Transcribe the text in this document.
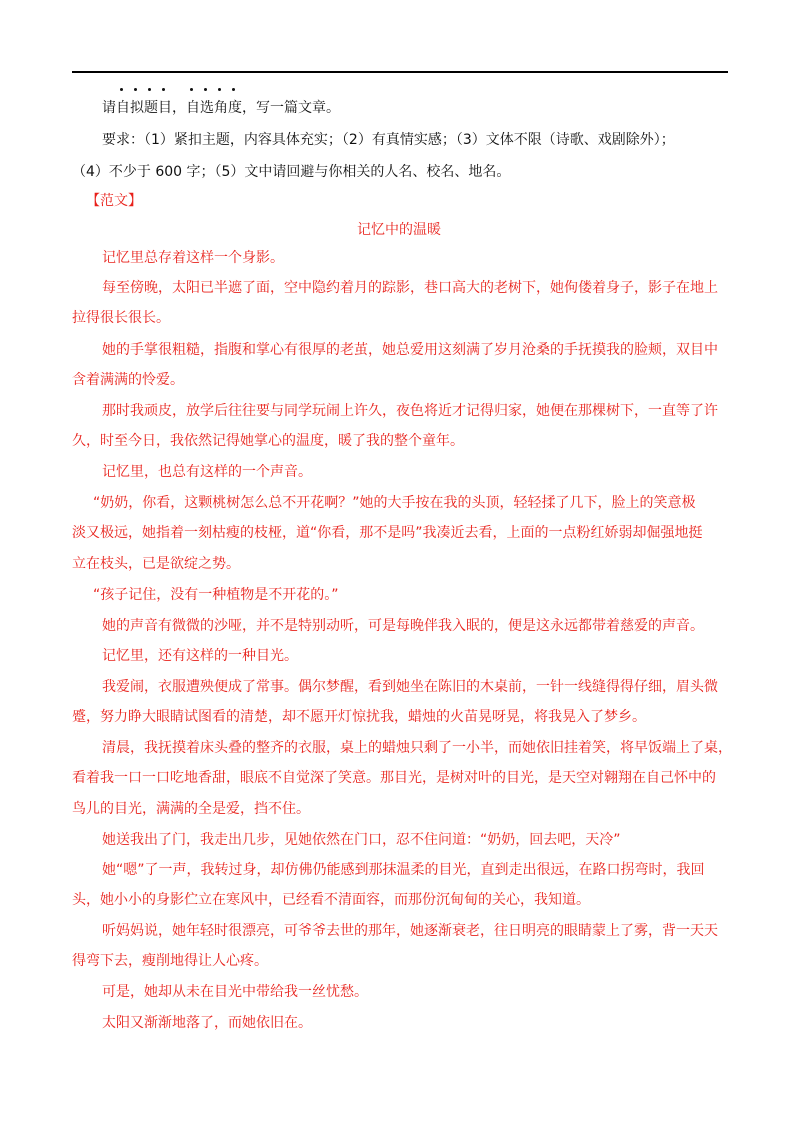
请自拟题目，自选角度，写一篇文章。
要求：（1）紧扣主题，内容具体充实；（2）有真情实感；（3）文体不限（诗歌、戏剧除外）；
（4）不少于 600 字；（5）文中请回避与你相关的人名、校名、地名。
【范文】
记忆中的温暖
记忆里总存着这样一个身影。
每至傍晚，太阳已半遮了面，空中隐约着月的踪影，巷口高大的老树下，她佝偻着身子，影子在地上
拉得很长很长。
她的手掌很粗糙，指腹和掌心有很厚的老茧，她总爱用这刻满了岁月沧桑的手抚摸我的脸颊，双目中
含着满满的怜爱。
那时我顽皮，放学后往往要与同学玩闹上许久，夜色将近才记得归家，她便在那棵树下，一直等了许
久，时至今日，我依然记得她掌心的温度，暖了我的整个童年。
记忆里，也总有这样的一个声音。
“奶奶，你看，这颗桃树怎么总不开花啊？”她的大手按在我的头顶，轻轻揉了几下，脸上的笑意极
淡又极远，她指着一刻枯瘦的枝桠，道“你看，那不是吗”我凑近去看，上面的一点粉红娇弱却倔强地挺
立在枝头，已是欲绽之势。
“孩子记住，没有一种植物是不开花的。”
她的声音有微微的沙哑，并不是特别动听，可是每晚伴我入眠的，便是这永远都带着慈爱的声音。
记忆里，还有这样的一种目光。
我爱闹，衣服遭殃便成了常事。偶尔梦醒，看到她坐在陈旧的木桌前，一针一线缝得得仔细，眉头微
蹙，努力睁大眼睛试图看的清楚，却不愿开灯惊扰我，蜡烛的火苗晃呀晃，将我晃入了梦乡。
清晨，我抚摸着床头叠的整齐的衣服，桌上的蜡烛只剩了一小半，而她依旧挂着笑，将早饭端上了桌，
看着我一口一口吃地香甜，眼底不自觉深了笑意。那目光，是树对叶的目光，是天空对翱翔在自己怀中的
鸟儿的目光，满满的全是爱，挡不住。
她送我出了门，我走出几步，见她依然在门口，忍不住问道：“奶奶，回去吧，天冷”
她“嗯”了一声，我转过身，却仿佛仍能感到那抹温柔的目光，直到走出很远，在路口拐弯时，我回
头，她小小的身影伫立在寒风中，已经看不清面容，而那份沉甸甸的关心，我知道。
听妈妈说，她年轻时很漂亮，可爷爷去世的那年，她逐渐衰老，往日明亮的眼睛蒙上了雾，背一天天
得弯下去，瘦削地得让人心疼。
可是，她却从未在目光中带给我一丝忧愁。
太阳又渐渐地落了，而她依旧在。
